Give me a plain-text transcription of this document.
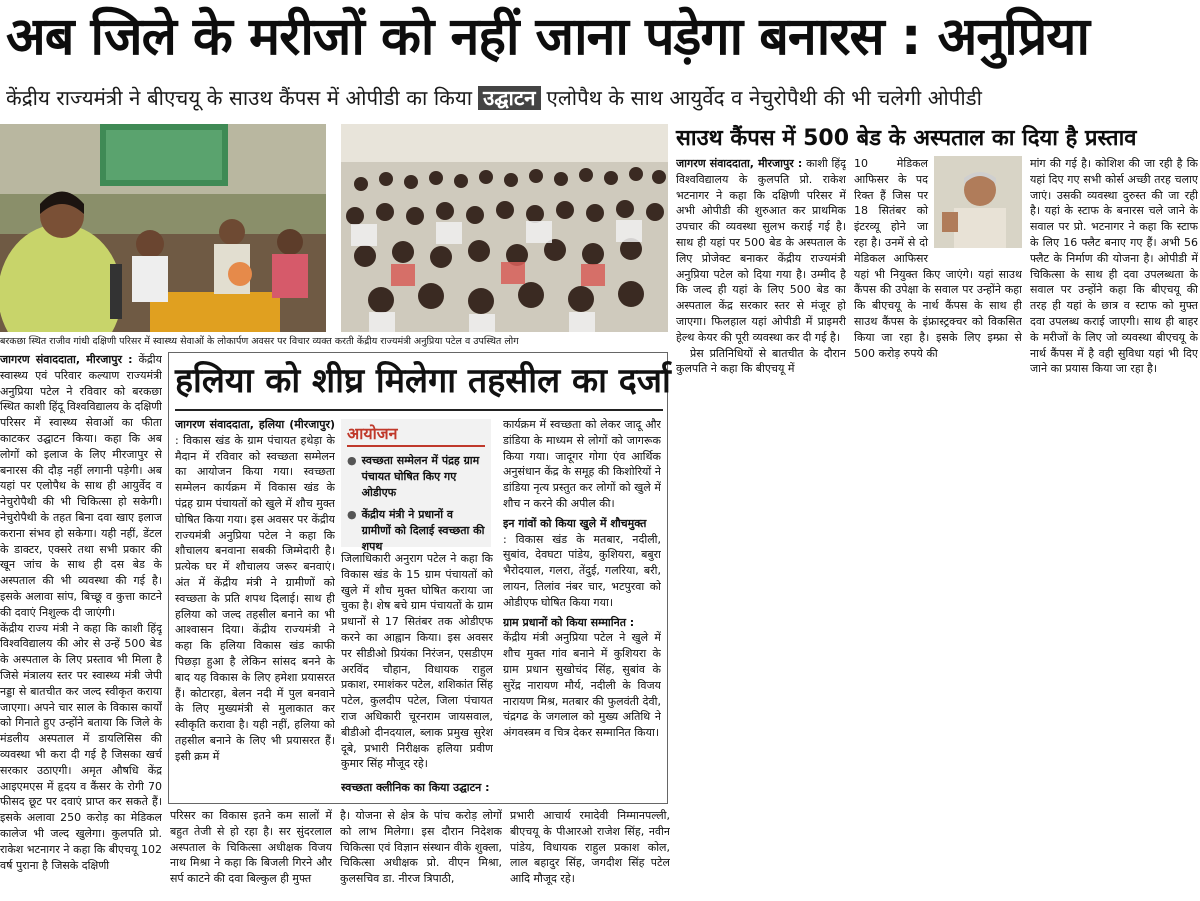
अब जिले के मरीजों को नहीं जाना पड़ेगा बनारस : अनुप्रिया
केंद्रीय राज्यमंत्री ने बीएचयू के साउथ कैंपस में ओपीडी का किया उद्घाटन एलोपैथ के साथ आयुर्वेद व नेचुरोपैथी की भी चलेगी ओपीडी
बरकछा स्थित राजीव गांधी दक्षिणी परिसर में स्वास्थ्य सेवाओं के लोकार्पण अवसर पर विचार व्यक्त करती केंद्रीय राज्यमंत्री अनुप्रिया पटेल व उपस्थित लोग

जागरण संवाददाता, मीरजापुर : केंद्रीय स्वास्थ्य एवं परिवार कल्याण राज्यमंत्री अनुप्रिया पटेल ने रविवार को बरकछा स्थित काशी हिंदू विश्वविद्यालय के दक्षिणी परिसर में स्वास्थ्य सेवाओं का फीता काटकर उद्घाटन किया। कहा कि अब लोगों को इलाज के लिए मीरजापुर से बनारस की दौड़ नहीं लगानी पड़ेगी। अब यहां पर एलोपैथ के साथ ही आयुर्वेद व नेचुरोपैथी की भी चिकित्सा हो सकेगी। नेचुरोपैथी के तहत बिना दवा खाए इलाज कराना संभव हो सकेगा। यही नहीं, डेंटल के डाक्टर, एक्सरे तथा सभी प्रकार की खून जांच के साथ ही दस बेड के अस्पताल की भी व्यवस्था की गई है। इसके अलावा सांप, बिच्छू व कुत्ता काटने की दवाएं निशुल्क दी जाएंगी।

केंद्रीय राज्य मंत्री ने कहा कि काशी हिंदू विश्वविद्यालय की ओर से उन्हें 500 बेड के अस्पताल के लिए प्रस्ताव भी मिला है जिसे मंत्रालय स्तर पर स्वास्थ्य मंत्री जेपी नड्डा से बातचीत कर जल्द स्वीकृत कराया जाएगा। अपने चार साल के विकास कार्यों को गिनाते हुए उन्होंने बताया कि जिले के मंडलीय अस्पताल में डायलिसिस की व्यवस्था भी करा दी गई है जिसका खर्च सरकार उठाएगी। अमृत औषधि केंद्र आइएमएस में हृदय व कैंसर के रोगी 70 फीसद छूट पर दवाएं प्राप्त कर सकते हैं। इसके अलावा 250 करोड़ का मेडिकल कालेज भी जल्द खुलेगा। कुलपति प्रो. राकेश भटनागर ने कहा कि बीएचयू 102 वर्ष पुराना है जिसके दक्षिणी

हलिया को शीघ्र मिलेगा तहसील का दर्जा
जागरण संवाददाता, हलिया (मीरजापुर) : विकास खंड के ग्राम पंचायत हथेड़ा के मैदान में रविवार को स्वच्छता सम्मेलन का आयोजन किया गया। स्वच्छता सम्मेलन कार्यक्रम में विकास खंड के पंद्रह ग्राम पंचायतों को खुले में शौच मुक्त घोषित किया गया। इस अवसर पर केंद्रीय राज्यमंत्री अनुप्रिया पटेल ने कहा कि शौचालय बनवाना सबकी जिम्मेदारी है। प्रत्येक घर में शौचालय जरूर बनवाएं। अंत में केंद्रीय मंत्री ने ग्रामीणों को स्वच्छता के प्रति शपथ दिलाई। साथ ही हलिया को जल्द तहसील बनाने का भी आश्वासन दिया। केंद्रीय राज्यमंत्री ने कहा कि हलिया विकास खंड काफी पिछड़ा हुआ है लेकिन सांसद बनने के बाद यह विकास के लिए हमेशा प्रयासरत हैं। कोटारहा, बेलन नदी में पुल बनवाने के लिए मुख्यमंत्री से मुलाकात कर स्वीकृति करावा है। यही नहीं, हलिया को तहसील बनाने के लिए भी प्रयासरत हैं। इसी क्रम में
आयोजन
● स्वच्छता सम्मेलन में पंद्रह ग्राम पंचायत घोषित किए गए ओडीएफ
● केंद्रीय मंत्री ने प्रधानों व ग्रामीणों को दिलाई स्वच्छता की शपथ

जिलाधिकारी अनुराग पटेल ने कहा कि विकास खंड के 15 ग्राम पंचायतों को खुले में शौच मुक्त घोषित कराया जा चुका है। शेष बचे ग्राम पंचायतों के ग्राम प्रधानों से 17 सितंबर तक ओडीएफ करने का आह्वान किया। इस अवसर पर सीडीओ प्रियंका निरंजन, एसडीएम अरविंद चौहान, विधायक राहुल प्रकाश, रमाशंकर पटेल, शशिकांत सिंह पटेल, कुलदीप पटेल, जिला पंचायत राज अधिकारी चूरनराम जायसवाल, बीडीओ दीनदयाल, ब्लाक प्रमुख सुरेश दूबे, प्रभारी निरीक्षक हलिया प्रवीण कुमार सिंह मौजूद रहे।

स्वच्छता क्लीनिक का किया उद्घाटन :

कार्यक्रम में स्वच्छता को लेकर जादू और डांडिया के माध्यम से लोगों को जागरूक किया गया। जादूगर गोगा एंव आर्थिक अनुसंधान केंद्र के समूह की किशोरियों ने डांडिया नृत्य प्रस्तुत कर लोगों को खुले में शौच न करने की अपील की।

इन गांवों को किया खुले में शौचमुक्त

: विकास खंड के मतबार, नदीली, सुबांव, देवघटा पांडेय, कुशियरा, बबुरा भैरोदयाल, गलरा, तेंदुई, गलरिया, बरी, लायन, तिलांव नंबर चार, भटपुरवा को ओडीएफ घोषित किया गया।

ग्राम प्रधानों को किया सम्मानित :

केंद्रीय मंत्री अनुप्रिया पटेल ने खुले में शौच मुक्त गांव बनाने में कुशियरा के ग्राम प्रधान सुखोचंद सिंह, सुबांव के सुरेंद्र नारायण मौर्य, नदीली के विजय नारायण मिश्र, मतबार की फुलवंती देवी, चंद्रगढ के जगलाल को मुख्य अतिथि ने अंगवस्त्रम व चित्र देकर सम्मानित किया।

परिसर का विकास इतने कम सालों में बहुत तेजी से हो रहा है। सर सुंदरलाल अस्पताल के चिकित्सा अधीक्षक विजय नाथ मिश्रा ने कहा कि बिजली गिरने और सर्प काटने की दवा बिल्कुल ही मुफ्त
है। योजना से क्षेत्र के पांच करोड़ लोगों को लाभ मिलेगा। इस दौरान निदेशक चिकित्सा एवं विज्ञान संस्थान वीके शुक्ला, चिकित्सा अधीक्षक प्रो. वीएन मिश्रा, कुलसचिव डा. नीरज त्रिपाठी,
प्रभारी आचार्य रमादेवी निम्मानपल्ली, बीएचयू के पीआरओ राजेश सिंह, नवीन पांडेय, विधायक राहुल प्रकाश कोल, लाल बहादुर सिंह, जगदीश सिंह पटेल आदि मौजूद रहे।
साउथ कैंपस में 500 बेड के अस्पताल का दिया है प्रस्ताव

जागरण संवाददाता, मीरजापुर : काशी हिंदू विश्वविद्यालय के कुलपति प्रो. राकेश भटनागर ने कहा कि दक्षिणी परिसर में अभी ओपीडी की शुरुआत कर प्राथमिक उपचार की व्यवस्था सुलभ कराई गई है। साथ ही यहां पर 500 बेड के अस्पताल के लिए प्रोजेक्ट बनाकर केंद्रीय राज्यमंत्री अनुप्रिया पटेल को दिया गया है। उम्मीद है कि जल्द ही यहां के लिए 500 बेड का अस्पताल केंद्र सरकार स्तर से मंजूर हो जाएगा। फिलहाल यहां ओपीडी में प्राइमरी हेल्थ केयर की पूरी व्यवस्था कर दी गई है।

प्रेस प्रतिनिधियों से बातचीत के दौरान कुलपति ने कहा कि बीएचयू में

10 मेडिकल आफिसर के पद रिक्त हैं जिस पर 18 सितंबर को इंटरव्यू होने जा रहा है। उनमें से दो मेडिकल आफिसर यहां भी नियुक्त किए जाएंगे। यहां साउथ कैंपस की उपेक्षा के सवाल पर उन्होंने कहा कि बीएचयू के नार्थ कैंपस के साथ ही साउथ कैंपस के इंफ्रास्ट्रक्चर को विकसित किया जा रहा है। इसके लिए इम्फ्रा से 500 करोड़ रुपये की
मांग की गई है। कोशिश की जा रही है कि यहां दिए गए सभी कोर्स अच्छी तरह चलाए जाएं। उसकी व्यवस्था दुरुस्त की जा रही है। यहां के स्टाफ के बनारस चले जाने के सवाल पर प्रो. भटनागर ने कहा कि स्टाफ के लिए 16 फ्लैट बनाए गए हैं। अभी 56 फ्लैट के निर्माण की योजना है। ओपीडी में चिकित्सा के साथ ही दवा उपलब्धता के सवाल पर उन्होंने कहा कि बीएचयू की तरह ही यहां के छात्र व स्टाफ को मुफ्त दवा उपलब्ध कराई जाएगी। साथ ही बाहर के मरीजों के लिए जो व्यवस्था बीएचयू के नार्थ कैंपस में है वही सुविधा यहां भी दिए जाने का प्रयास किया जा रहा है।
